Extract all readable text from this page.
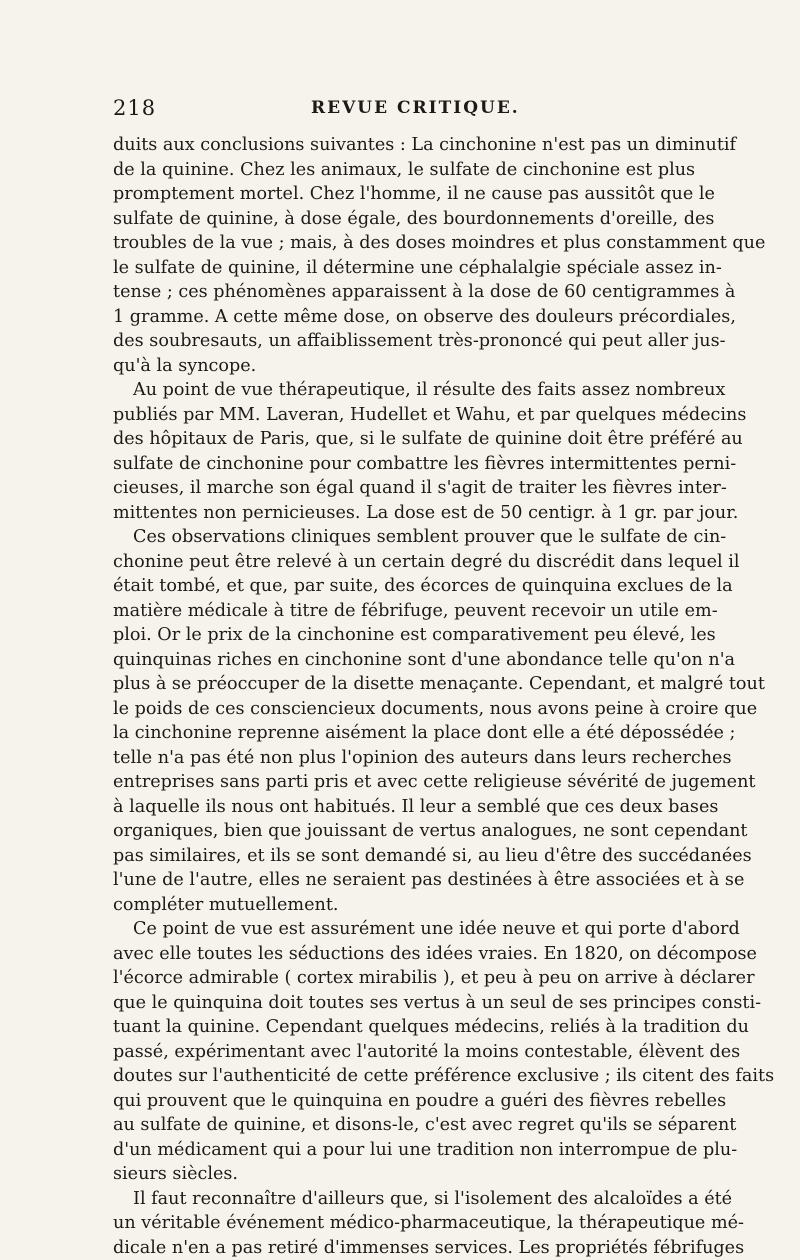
218	REVUE CRITIQUE.
duits aux conclusions suivantes : La cinchonine n'est pas un diminutif
de la quinine. Chez les animaux, le sulfate de cinchonine est plus
promptement mortel. Chez l'homme, il ne cause pas aussitôt que le
sulfate de quinine, à dose égale, des bourdonnements d'oreille, des
troubles de la vue ; mais, à des doses moindres et plus constamment que
le sulfate de quinine, il détermine une céphalalgie spéciale assez in-
tense ; ces phénomènes apparaissent à la dose de 60 centigrammes à
1 gramme. A cette même dose, on observe des douleurs précordiales,
des soubresauts, un affaiblissement très-prononcé qui peut aller jus-
qu'à la syncope.
Au point de vue thérapeutique, il résulte des faits assez nombreux
publiés par MM. Laveran, Hudellet et Wahu, et par quelques médecins
des hôpitaux de Paris, que, si le sulfate de quinine doit être préféré au
sulfate de cinchonine pour combattre les fièvres intermittentes perni-
cieuses, il marche son égal quand il s'agit de traiter les fièvres inter-
mittentes non pernicieuses. La dose est de 50 centigr. à 1 gr. par jour.
Ces observations cliniques semblent prouver que le sulfate de cin-
chonine peut être relevé à un certain degré du discrédit dans lequel il
était tombé, et que, par suite, des écorces de quinquina exclues de la
matière médicale à titre de fébrifuge, peuvent recevoir un utile em-
ploi. Or le prix de la cinchonine est comparativement peu élevé, les
quinquinas riches en cinchonine sont d'une abondance telle qu'on n'a
plus à se préoccuper de la disette menaçante. Cependant, et malgré tout
le poids de ces consciencieux documents, nous avons peine à croire que
la cinchonine reprenne aisément la place dont elle a été dépossédée ;
telle n'a pas été non plus l'opinion des auteurs dans leurs recherches
entreprises sans parti pris et avec cette religieuse sévérité de jugement
à laquelle ils nous ont habitués. Il leur a semblé que ces deux bases
organiques, bien que jouissant de vertus analogues, ne sont cependant
pas similaires, et ils se sont demandé si, au lieu d'être des succédanées
l'une de l'autre, elles ne seraient pas destinées à être associées et à se
compléter mutuellement.
Ce point de vue est assurément une idée neuve et qui porte d'abord
avec elle toutes les séductions des idées vraies. En 1820, on décompose
l'écorce admirable ( cortex mirabilis ), et peu à peu on arrive à déclarer
que le quinquina doit toutes ses vertus à un seul de ses principes consti-
tuant la quinine. Cependant quelques médecins, reliés à la tradition du
passé, expérimentant avec l'autorité la moins contestable, élèvent des
doutes sur l'authenticité de cette préférence exclusive ; ils citent des faits
qui prouvent que le quinquina en poudre a guéri des fièvres rebelles
au sulfate de quinine, et disons-le, c'est avec regret qu'ils se séparent
d'un médicament qui a pour lui une tradition non interrompue de plu-
sieurs siècles.
Il faut reconnaître d'ailleurs que, si l'isolement des alcaloïdes a été
un véritable événement médico-pharmaceutique, la thérapeutique mé-
dicale n'en a pas retiré d'immenses services. Les propriétés fébrifuges
